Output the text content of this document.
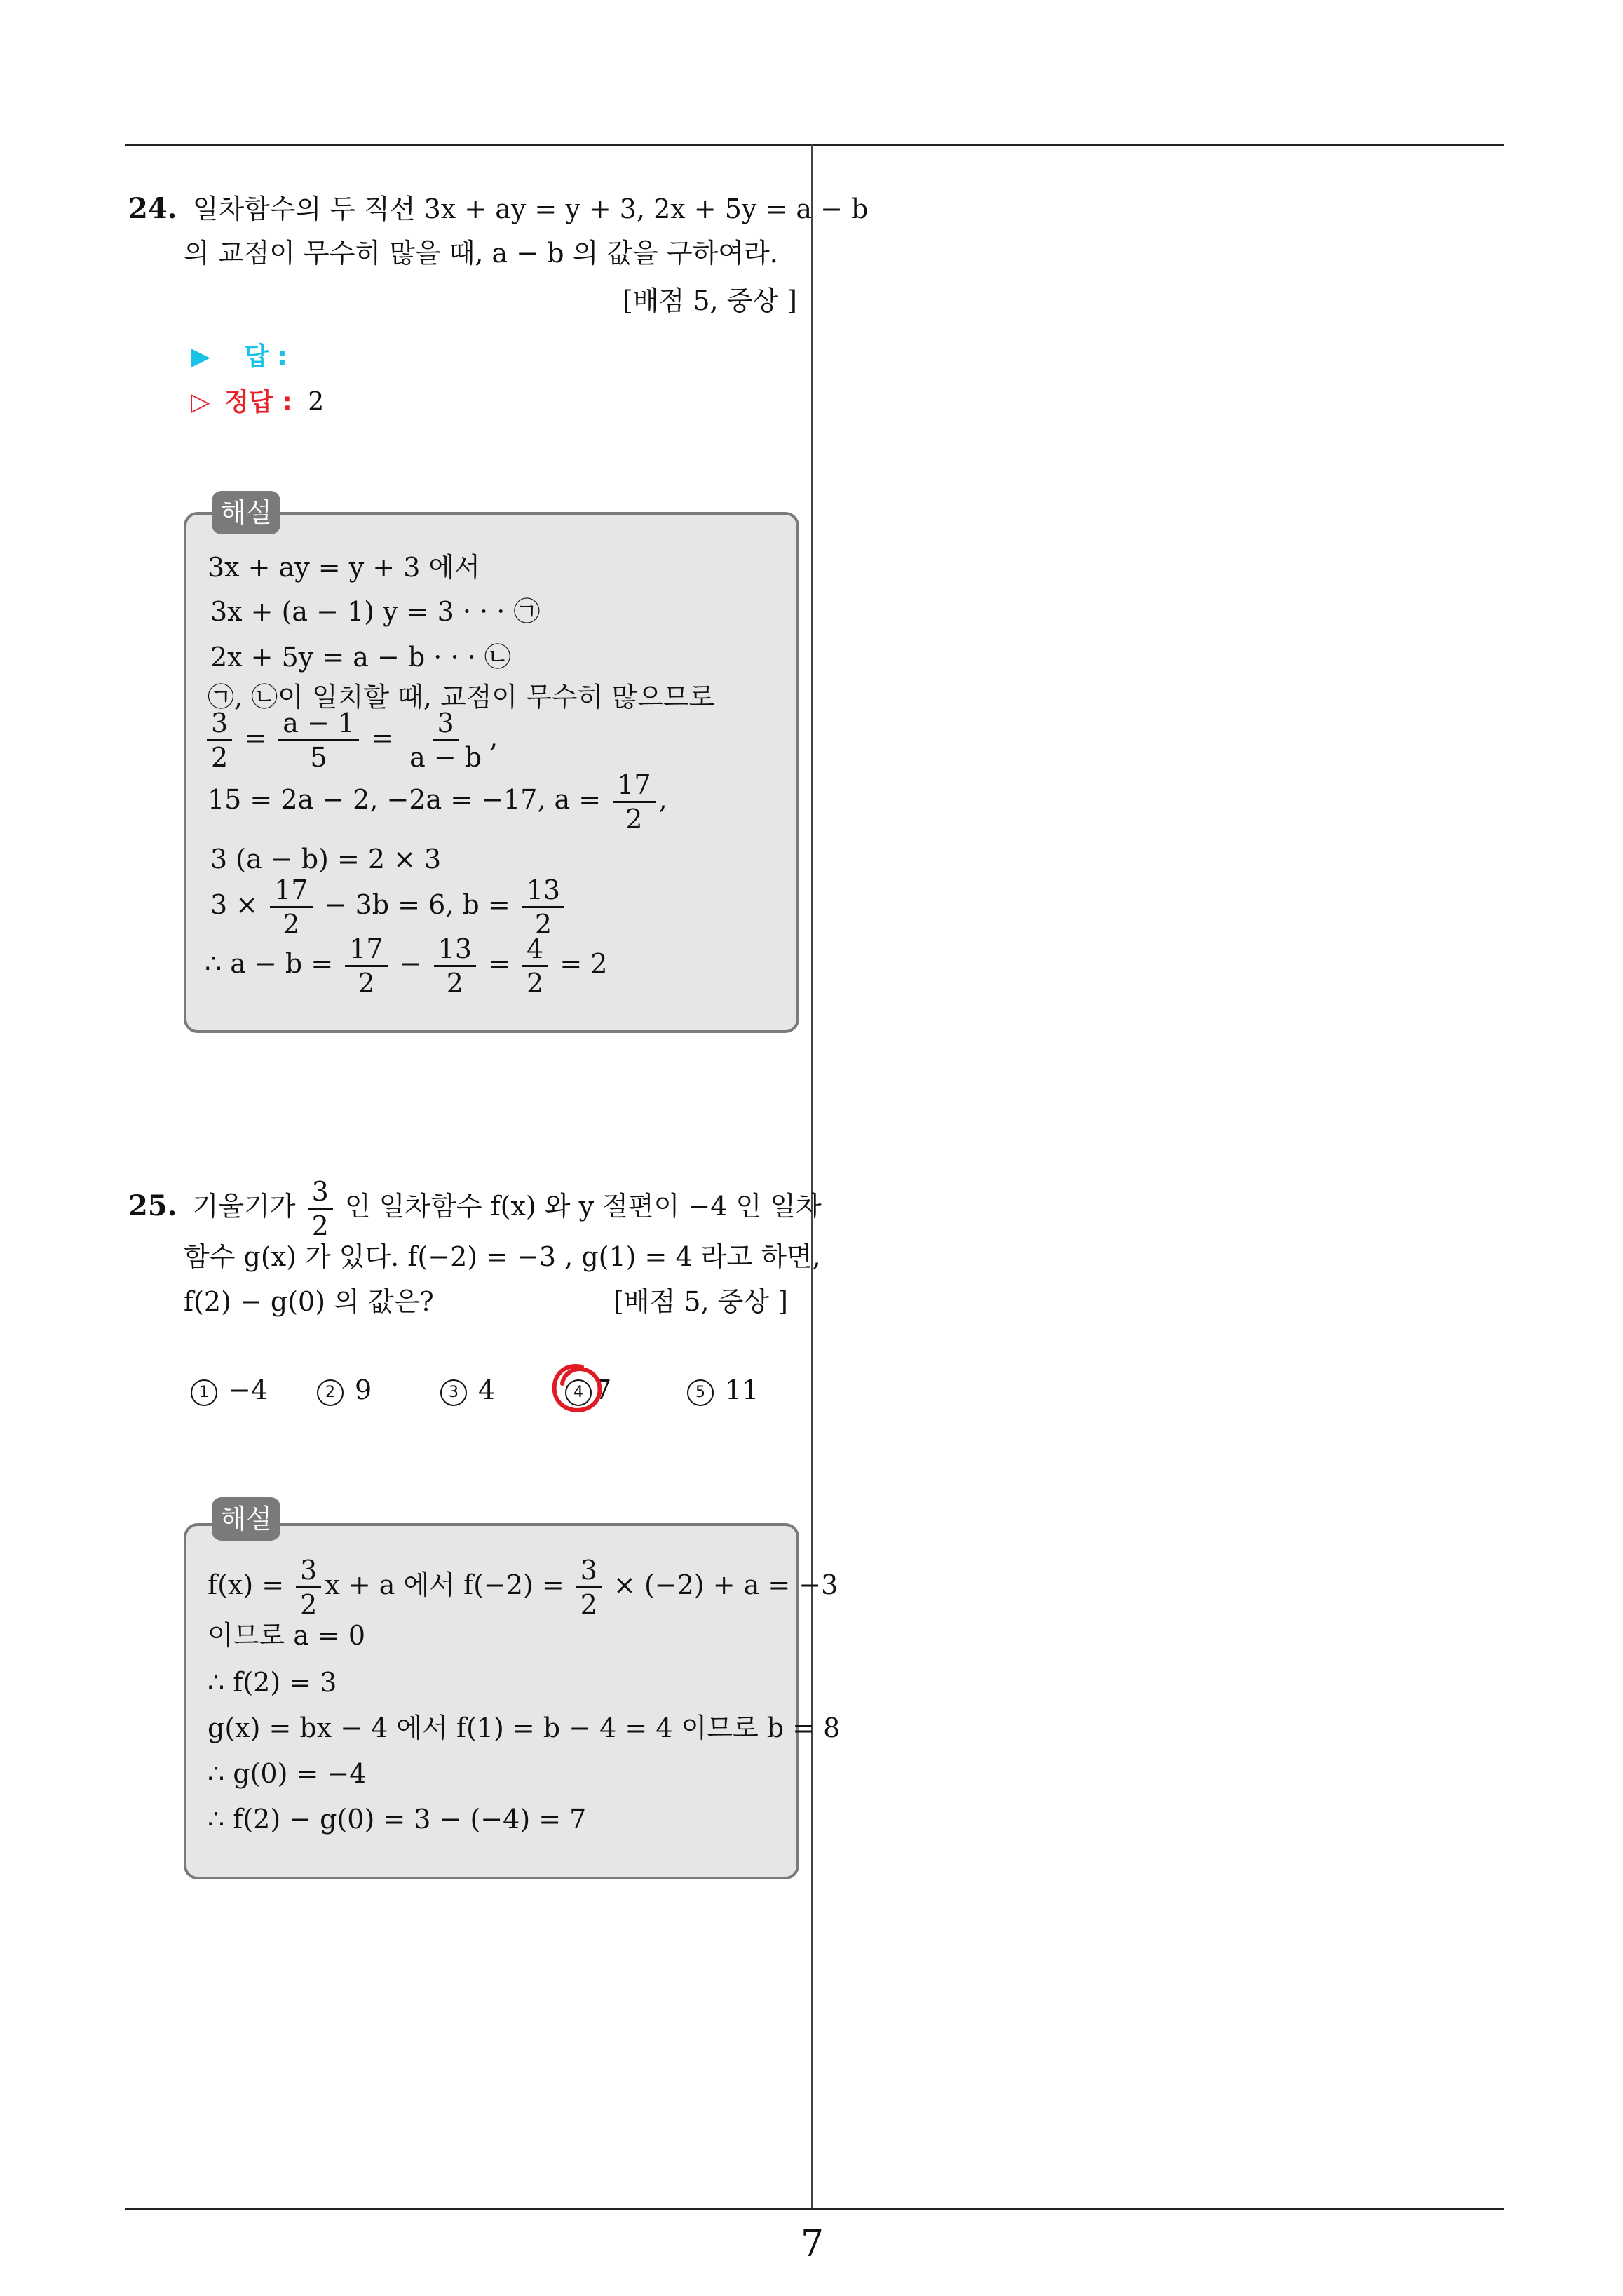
24. 일차함수의 두 직선 3x + ay = y + 3, 2x + 5y = a − b
의 교점이 무수히 많을 때, a − b 의 값을 구하여라.
[배점 5, 중상 ]
▶ 답 :
▷ 정답 : 2
해설
3x + ay = y + 3 에서
3x + (a − 1) y = 3 · · · ㉠
2x + 5y = a − b · · · ㉡
㉠, ㉡이 일치할 때, 교점이 무수히 많으므로
$\frac{3}{2} = \frac{a - 1}{5} = \frac{3}{a - b}$ ,
15 = 2a − 2, −2a = −17, $a = \frac{17}{2}$ ,
3 (a − b) = 2 × 3
$3 \times \frac{17}{2} - 3b = 6$, $b = \frac{13}{2}$
∴ $a - b = \frac{17}{2} - \frac{13}{2} = \frac{4}{2} = 2$
25. 기울기가 $\frac{3}{2}$ 인 일차함수 f(x) 와 y 절편이 −4 인 일차
함수 g(x) 가 있다. f(−2) = −3 , g(1) = 4 라고 하면,
f(2) − g(0) 의 값은?	[배점 5, 중상 ]
1 −4	2 9	3 4	4 7	5 11
해설
$f(x) = \frac{3}{2}$ x + a 에서 $f(-2) = \frac{3}{2} \times (-2) + a = -3$
이므로 a = 0
∴ f(2) = 3
g(x) = bx − 4 에서 f(1) = b − 4 = 4 이므로 b = 8
∴ g(0) = −4
∴ f(2) − g(0) = 3 − (−4) = 7
7
